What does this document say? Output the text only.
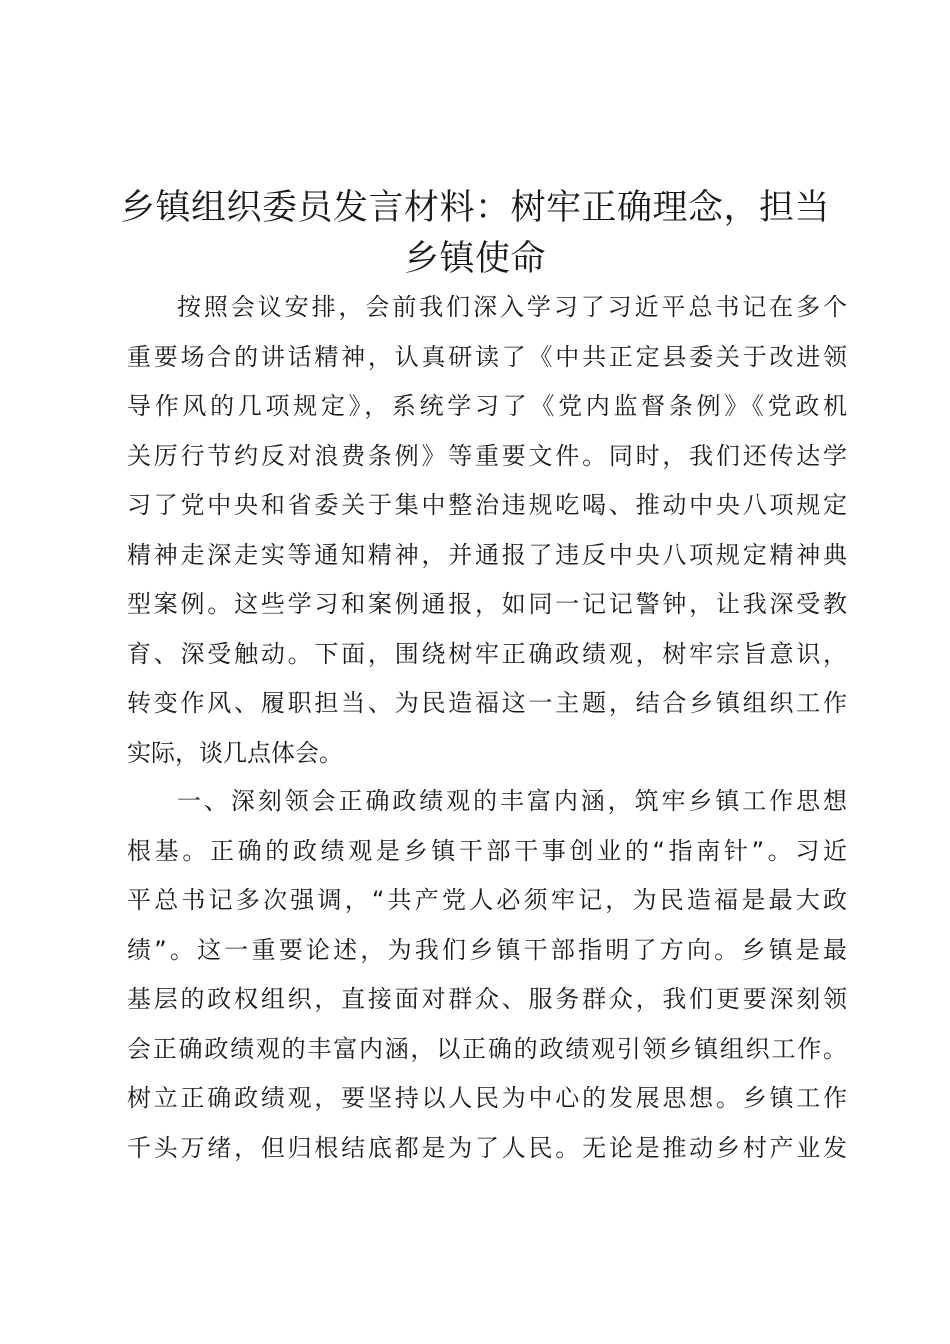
乡镇组织委员发言材料：树牢正确理念，担当
乡镇使命
按照会议安排，会前我们深入学习了习近平总书记在多个
重要场合的讲话精神，认真研读了《中共正定县委关于改进领
导作风的几项规定》，系统学习了《党内监督条例》《党政机
关厉行节约反对浪费条例》等重要文件。同时，我们还传达学
习了党中央和省委关于集中整治违规吃喝、推动中央八项规定
精神走深走实等通知精神，并通报了违反中央八项规定精神典
型案例。这些学习和案例通报，如同一记记警钟，让我深受教
育、深受触动。下面，围绕树牢正确政绩观，树牢宗旨意识，
转变作风、履职担当、为民造福这一主题，结合乡镇组织工作
实际，谈几点体会。
一、深刻领会正确政绩观的丰富内涵，筑牢乡镇工作思想
根基。正确的政绩观是乡镇干部干事创业的“指南针”。习近
平总书记多次强调，“共产党人必须牢记，为民造福是最大政
绩”。这一重要论述，为我们乡镇干部指明了方向。乡镇是最
基层的政权组织，直接面对群众、服务群众，我们更要深刻领
会正确政绩观的丰富内涵，以正确的政绩观引领乡镇组织工作。
树立正确政绩观，要坚持以人民为中心的发展思想。乡镇工作
千头万绪，但归根结底都是为了人民。无论是推动乡村产业发
